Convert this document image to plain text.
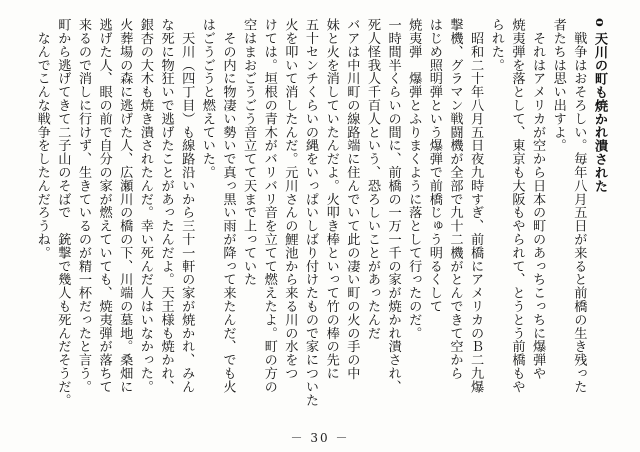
o 天川の町も焼かれ潰された
　戦争はおそろしい。毎年八月五日が来ると前橋の生き残った
者たちは思い出すよ。
　それはアメリカが空から日本の町のあっちこっちに爆弾や
焼夷弾を落として、東京も大阪もやられて、とうとう前橋もや
られた。
　昭和二十年八月五日夜九時すぎ、前橋にアメリカのＢ二九爆
撃機、グラマン戦闘機が全部で九十二機がとんできて空から
はじめ照明弾という爆弾で前橋じゅう明るくして
焼夷弾　爆弾とふりまくように落として行ったのだ。
一時間半くらいの間に、前橋の一万一千の家が焼かれ潰され、
死人怪我人千百人という、恐ろしいことがあったんだ
バアは中川町の線路端に住んでいて此の凄い町の火の手の中
妹と火を消していたんだよ。火叩き棒といって竹の棒の先に
五十センチくらいの縄をいっぱいしばり付けたもので家についた
火を叩いて消したんだ。元川さんの鯉池から来る川の水をつ
けては。垣根の青木がバリバリ音を立てて燃えたよ。町の方の
空はまおごうごう音立てて天まで上っていた
　その内に物凄い勢いで真っ黒い雨が降って来たんだ、でも火
はごうごうと燃えていた。
　天川（四丁目）も線路沿いから三十一軒の家が焼かれ、みん
な死に物狂いで逃げたことがあったんだよ。天王様も焼かれ、
銀杏の大木も焼き潰されたんだ。幸い死んだ人はいなかった。
火葬場の森に逃げた人、広瀬川の橋の下、川端の墓地。桑畑に
逃げた人、眼の前で自分の家が燃えていても、焼夷弾が落ちて
来るので消しに行けず、生きているのが精一杯だったと言う。
町から逃げてきて二子山のそばで　銃撃で幾人も死んだそうだ。
　なんでこんな戦争をしたんだろうね。
－ 30 －
